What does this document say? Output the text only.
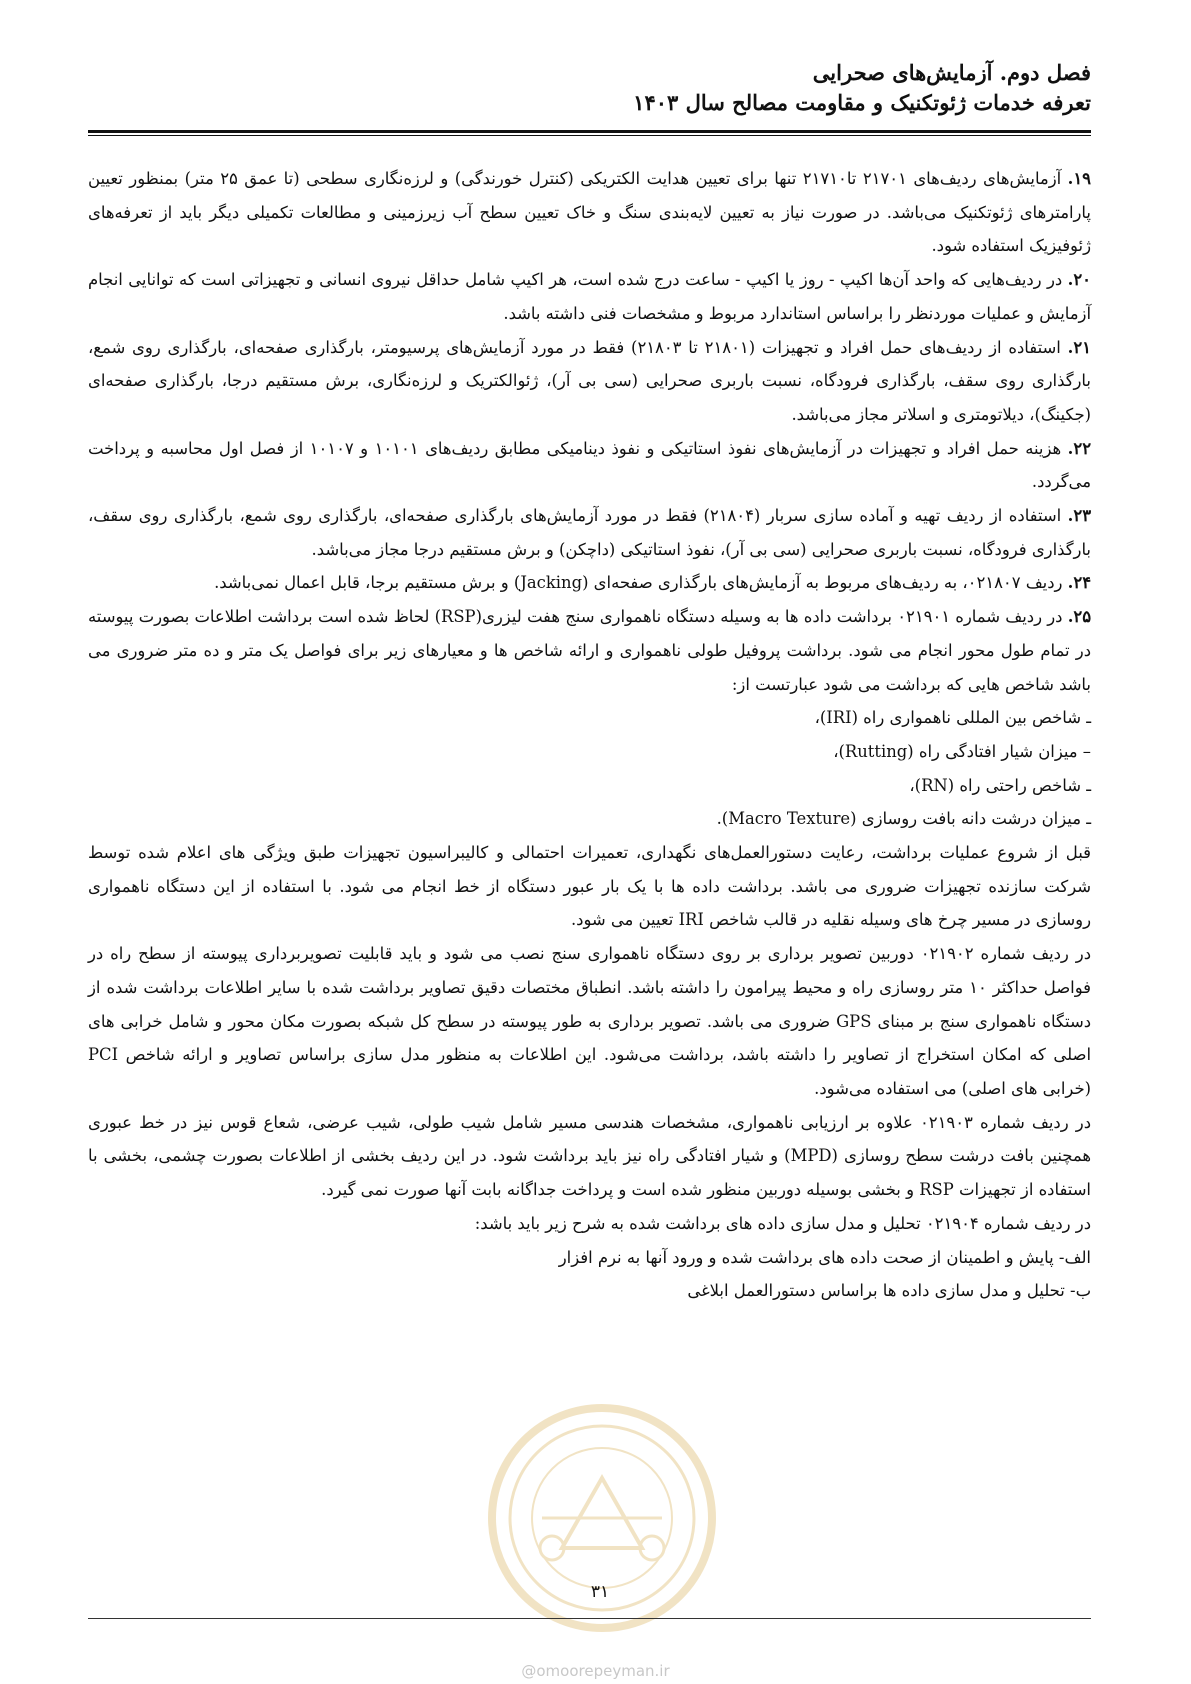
فصل دوم. آزمایش‌های صحرایی
تعرفه خدمات ژئوتکنیک و مقاومت مصالح سال ۱۴۰۳

۱۹. آزمایش‌های ردیف‌های ۲۱۷۰۱ تا۲۱۷۱۰ تنها برای تعیین هدایت الکتریکی (کنترل خورندگی) و لرزه‌نگاری سطحی (تا عمق ۲۵ متر) بمنظور تعیین پارامترهای ژئوتکنیک می‌باشد. در صورت نیاز به تعیین لایه‌بندی سنگ و خاک تعیین سطح آب زیرزمینی و مطالعات تکمیلی دیگر باید از تعرفه‌های ژئوفیزیک استفاده شود.

۲۰. در ردیف‌هایی که واحد آن‌ها اکیپ - روز یا اکیپ - ساعت درج شده است، هر اکیپ شامل حداقل نیروی انسانی و تجهیزاتی است که توانایی انجام آزمایش و عملیات موردنظر را براساس استاندارد مربوط و مشخصات فنی داشته باشد.

۲۱. استفاده از ردیف‌های حمل افراد و تجهیزات (۲۱۸۰۱ تا ۲۱۸۰۳) فقط در مورد آزمایش‌های پرسیومتر، بارگذاری صفحه‌ای، بارگذاری روی شمع، بارگذاری روی سقف، بارگذاری فرودگاه، نسبت باربری صحرایی (سی بی آر)، ژئوالکتریک و لرزه‌نگاری، برش مستقیم درجا، بارگذاری صفحه‌ای (جکینگ)، دیلاتومتری و اسلاتر مجاز می‌باشد.

۲۲. هزینه حمل افراد و تجهیزات در آزمایش‌های نفوذ استاتیکی و نفوذ دینامیکی مطابق ردیف‌های ۱۰۱۰۱ و ۱۰۱۰۷ از فصل اول محاسبه و پرداخت می‌گردد.

۲۳. استفاده از ردیف تهیه و آماده سازی سربار (۲۱۸۰۴) فقط در مورد آزمایش‌های بارگذاری صفحه‌ای، بارگذاری روی شمع، بارگذاری روی سقف، بارگذاری فرودگاه، نسبت باربری صحرایی (سی بی آر)، نفوذ استاتیکی (داچکن) و برش مستقیم درجا مجاز می‌باشد.

۲۴. ردیف ۰۲۱۸۰۷، به ردیف‌های مربوط به آزمایش‌های بارگذاری صفحه‌ای (Jacking) و برش مستقیم برجا، قابل اعمال نمی‌باشد.

۲۵. در ردیف شماره ۰۲۱۹۰۱ برداشت داده ها به وسیله دستگاه ناهمواری سنج هفت لیزری(RSP) لحاظ شده است برداشت اطلاعات بصورت پیوسته در تمام طول محور انجام می شود. برداشت پروفیل طولی ناهمواری و ارائه شاخص ها و معیارهای زیر برای فواصل یک متر و ده متر ضروری می باشد شاخص هایی که برداشت می شود عبارتست از:

ـ شاخص بین المللی ناهمواری راه (IRI)،

– میزان شیار افتادگی راه (Rutting)،

ـ شاخص راحتی راه (RN)،

ـ میزان درشت دانه بافت روسازی (Macro Texture).

قبل از شروع عملیات برداشت، رعایت دستورالعمل‌های نگهداری، تعمیرات احتمالی و کالیبراسیون تجهیزات طبق ویژگی های اعلام شده توسط شرکت سازنده تجهیزات ضروری می باشد. برداشت داده ها با یک بار عبور دستگاه از خط انجام می شود. با استفاده از این دستگاه ناهمواری روسازی در مسیر چرخ های وسیله نقلیه در قالب شاخص IRI تعیین می شود.

در ردیف شماره ۰۲۱۹۰۲ دوربین تصویر برداری بر روی دستگاه ناهمواری سنج نصب می شود و باید قابلیت تصویربرداری پیوسته از سطح راه در فواصل حداکثر ۱۰ متر روسازی راه و محیط پیرامون را داشته باشد. انطباق مختصات دقیق تصاویر برداشت شده با سایر اطلاعات برداشت شده از دستگاه ناهمواری سنج بر مبنای GPS ضروری می باشد. تصویر برداری به طور پیوسته در سطح کل شبکه بصورت مکان محور و شامل خرابی های اصلی که امکان استخراج از تصاویر را داشته باشد، برداشت می‌شود. این اطلاعات به منظور مدل سازی براساس تصاویر و ارائه شاخص PCI (خرابی های اصلی) می استفاده می‌شود.

در ردیف شماره ۰۲۱۹۰۳ علاوه بر ارزیابی ناهمواری، مشخصات هندسی مسیر شامل شیب طولی، شیب عرضی، شعاع قوس نیز در خط عبوری همچنین بافت درشت سطح روسازی (MPD) و شیار افتادگی راه نیز باید برداشت شود. در این ردیف بخشی از اطلاعات بصورت چشمی، بخشی با استفاده از تجهیزات RSP و بخشی بوسیله دوربین منظور شده است و پرداخت جداگانه بابت آنها صورت نمی گیرد.

در ردیف شماره ۰۲۱۹۰۴ تحلیل و مدل سازی داده های برداشت شده به شرح زیر باید باشد:

الف- پایش و اطمینان از صحت داده های برداشت شده و ورود آنها به نرم افزار

ب- تحلیل و مدل سازی داده ها براساس دستورالعمل ابلاغی

۳۱
@omoorepeyman.ir
